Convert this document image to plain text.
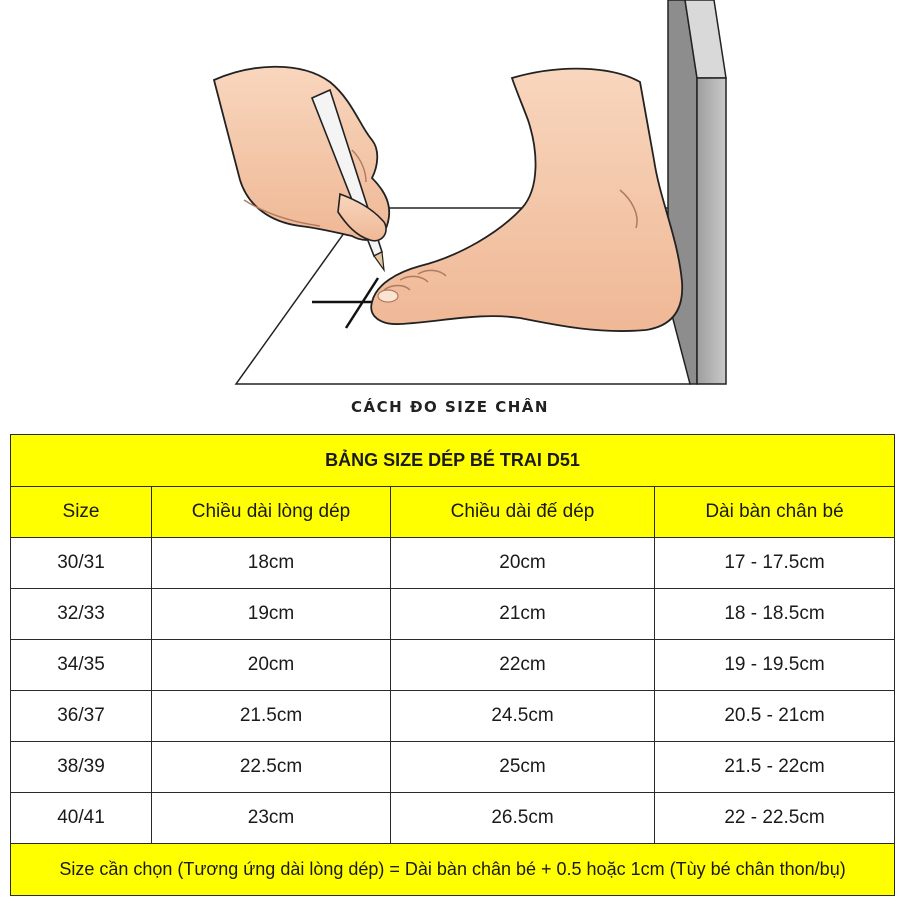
CÁCH ĐO SIZE CHÂN
BẢNG SIZE DÉP BÉ TRAI D51			
Size	Chiều dài lòng dép	Chiều dài đế dép	Dài bàn chân bé
30/31	18cm	20cm	17 - 17.5cm
32/33	19cm	21cm	18 - 18.5cm
34/35	20cm	22cm	19 - 19.5cm
36/37	21.5cm	24.5cm	20.5 - 21cm
38/39	22.5cm	25cm	21.5 - 22cm
40/41	23cm	26.5cm	22 - 22.5cm
Size cần chọn (Tương ứng dài lòng dép) = Dài bàn chân bé + 0.5 hoặc 1cm (Tùy bé chân thon/bụ)			
